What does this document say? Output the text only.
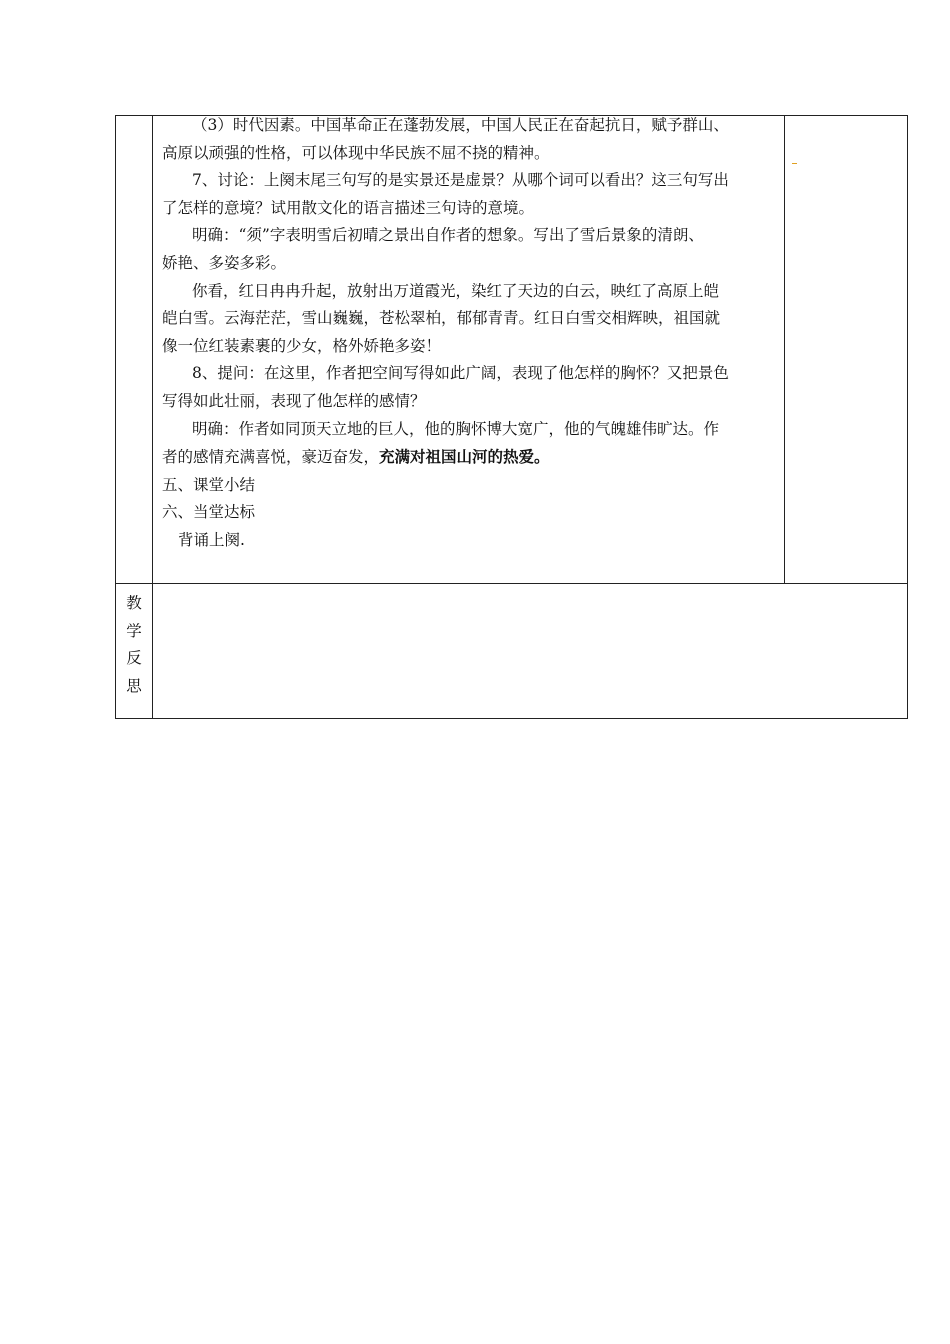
（3）时代因素。中国革命正在蓬勃发展，中国人民正在奋起抗日，赋予群山、

高原以顽强的性格，可以体现中华民族不屈不挠的精神。

7、讨论：上阕末尾三句写的是实景还是虚景？从哪个词可以看出？这三句写出

了怎样的意境？试用散文化的语言描述三句诗的意境。

明确：“须”字表明雪后初晴之景出自作者的想象。写出了雪后景象的清朗、

娇艳、多姿多彩。

你看，红日冉冉升起，放射出万道霞光，染红了天边的白云，映红了高原上皑

皑白雪。云海茫茫，雪山巍巍，苍松翠柏，郁郁青青。红日白雪交相辉映，祖国就

像一位红装素裹的少女，格外娇艳多姿！

8、提问：在这里，作者把空间写得如此广阔，表现了他怎样的胸怀？又把景色

写得如此壮丽，表现了他怎样的感情？

明确：作者如同顶天立地的巨人，他的胸怀博大宽广，他的气魄雄伟旷达。作

者的感情充满喜悦，豪迈奋发，充满对祖国山河的热爱。

五、课堂小结

六、当堂达标

背诵上阕.

教
学
反
思
